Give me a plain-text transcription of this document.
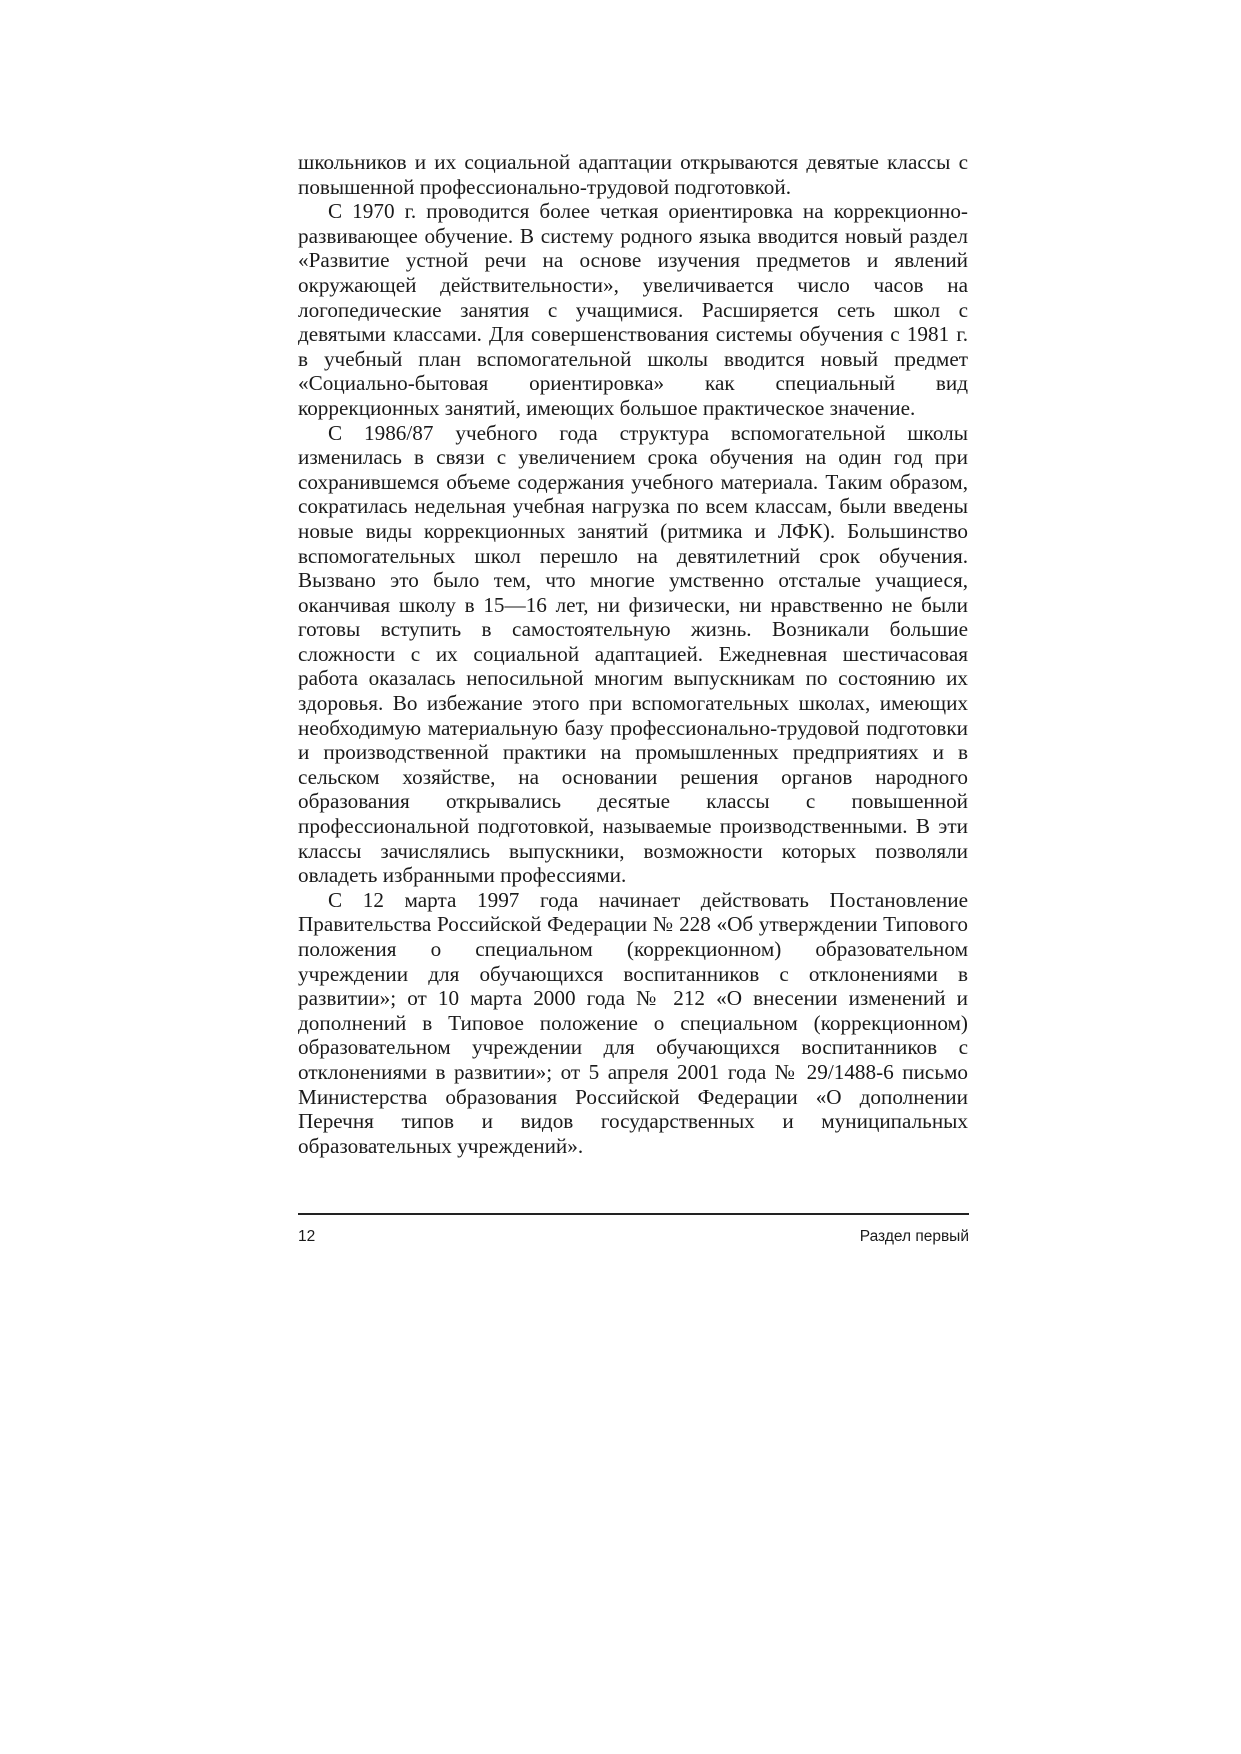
школьников и их социальной адаптации открываются девятые классы с повышенной профессионально-трудовой подготовкой.

С 1970 г. проводится более четкая ориентировка на коррекционно-развивающее обучение. В систему родного языка вводится новый раздел «Развитие устной речи на основе изучения предметов и явлений окружающей действительности», увеличивается число часов на логопедические занятия с учащимися. Расширяется сеть школ с девятыми классами. Для совершенствования системы обучения с 1981 г. в учебный план вспомогательной школы вводится новый предмет «Социально-бытовая ориентировка» как специальный вид коррекционных занятий, имеющих большое практическое значение.

С 1986/87 учебного года структура вспомогательной школы изменилась в связи с увеличением срока обучения на один год при сохранившемся объеме содержания учебного материала. Таким образом, сократилась недельная учебная нагрузка по всем классам, были введены новые виды коррекционных занятий (ритмика и ЛФК). Большинство вспомогательных школ перешло на девятилетний срок обучения. Вызвано это было тем, что многие умственно отсталые учащиеся, оканчивая школу в 15—16 лет, ни физически, ни нравственно не были готовы вступить в самостоятельную жизнь. Возникали большие сложности с их социальной адаптацией. Ежедневная шестичасовая работа оказалась непосильной многим выпускникам по состоянию их здоровья. Во избежание этого при вспомогательных школах, имеющих необходимую материальную базу профессионально-трудовой подготовки и производственной практики на промышленных предприятиях и в сельском хозяйстве, на основании решения органов народного образования открывались десятые классы с повышенной профессиональной подготовкой, называемые производственными. В эти классы зачислялись выпускники, возможности которых позволяли овладеть избранными профессиями.

С 12 марта 1997 года начинает действовать Постановление Правительства Российской Федерации № 228 «Об утверждении Типового положения о специальном (коррекционном) образовательном учреждении для обучающихся воспитанников с отклонениями в развитии»; от 10 марта 2000 года № 212 «О внесении изменений и дополнений в Типовое положение о специальном (коррекционном) образовательном учреждении для обучающихся воспитанников с отклонениями в развитии»; от 5 апреля 2001 года № 29/1488-6 письмо Министерства образования Российской Федерации «О дополнении Перечня типов и видов государственных и муниципальных образовательных учреждений».

12	Раздел первый
